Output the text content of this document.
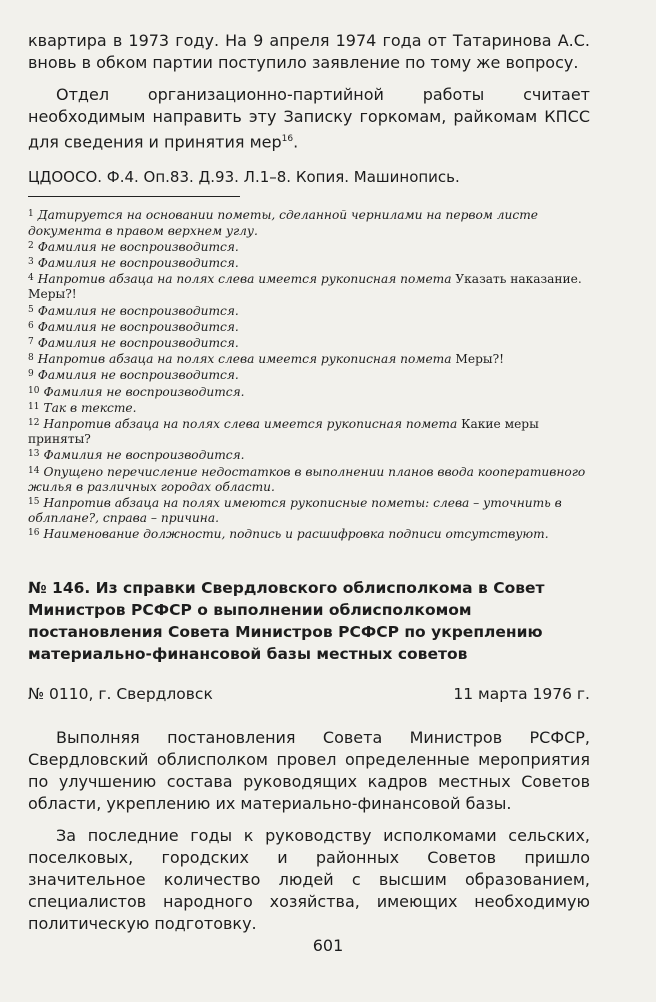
квартира в 1973 году. На 9 апреля 1974 года от Татаринова А.С. вновь в обком партии поступило заявление по тому же вопросу.

Отдел организационно-партийной работы считает необходимым направить эту Записку горкомам, райкомам КПСС для сведения и принятия мер$^{16}$.

ЦДООСО. Ф.4. Оп.83. Д.93. Л.1–8. Копия. Машинопись.

$^1$ Датируется на основании пометы, сделанной чернилами на первом листе документа в правом верхнем углу.

$^2$ Фамилия не воспроизводится.

$^3$ Фамилия не воспроизводится.

$^4$ Напротив абзаца на полях слева имеется рукописная помета Указать наказание. Меры?!

$^5$ Фамилия не воспроизводится.

$^6$ Фамилия не воспроизводится.

$^7$ Фамилия не воспроизводится.

$^8$ Напротив абзаца на полях слева имеется рукописная помета Меры?!

$^9$ Фамилия не воспроизводится.

$^{10}$ Фамилия не воспроизводится.

$^{11}$ Так в тексте.

$^{12}$ Напротив абзаца на полях слева имеется рукописная помета Какие меры приняты?

$^{13}$ Фамилия не воспроизводится.

$^{14}$ Опущено перечисление недостатков в выполнении планов ввода кооперативного жилья в различных городах области.

$^{15}$ Напротив абзаца на полях имеются рукописные пометы: слева – уточнить в облплане?, справа – причина.

$^{16}$ Наименование должности, подпись и расшифровка подписи отсутствуют.

№ 146. Из справки Свердловского облисполкома в Совет Министров РСФСР о выполнении облисполкомом постановления Совета Министров РСФСР по укреплению материально-финансовой базы местных советов
№ 0110, г. Свердловск	11 марта 1976 г.

Выполняя постановления Совета Министров РСФСР, Свердловский облисполком провел определенные мероприятия по улучшению состава руководящих кадров местных Советов области, укреплению их материально-финансовой базы.

За последние годы к руководству исполкомами сельских, поселковых, городских и районных Советов пришло значительное количество людей с высшим образованием, специалистов народного хозяйства, имеющих необходимую политическую подготовку.

601
